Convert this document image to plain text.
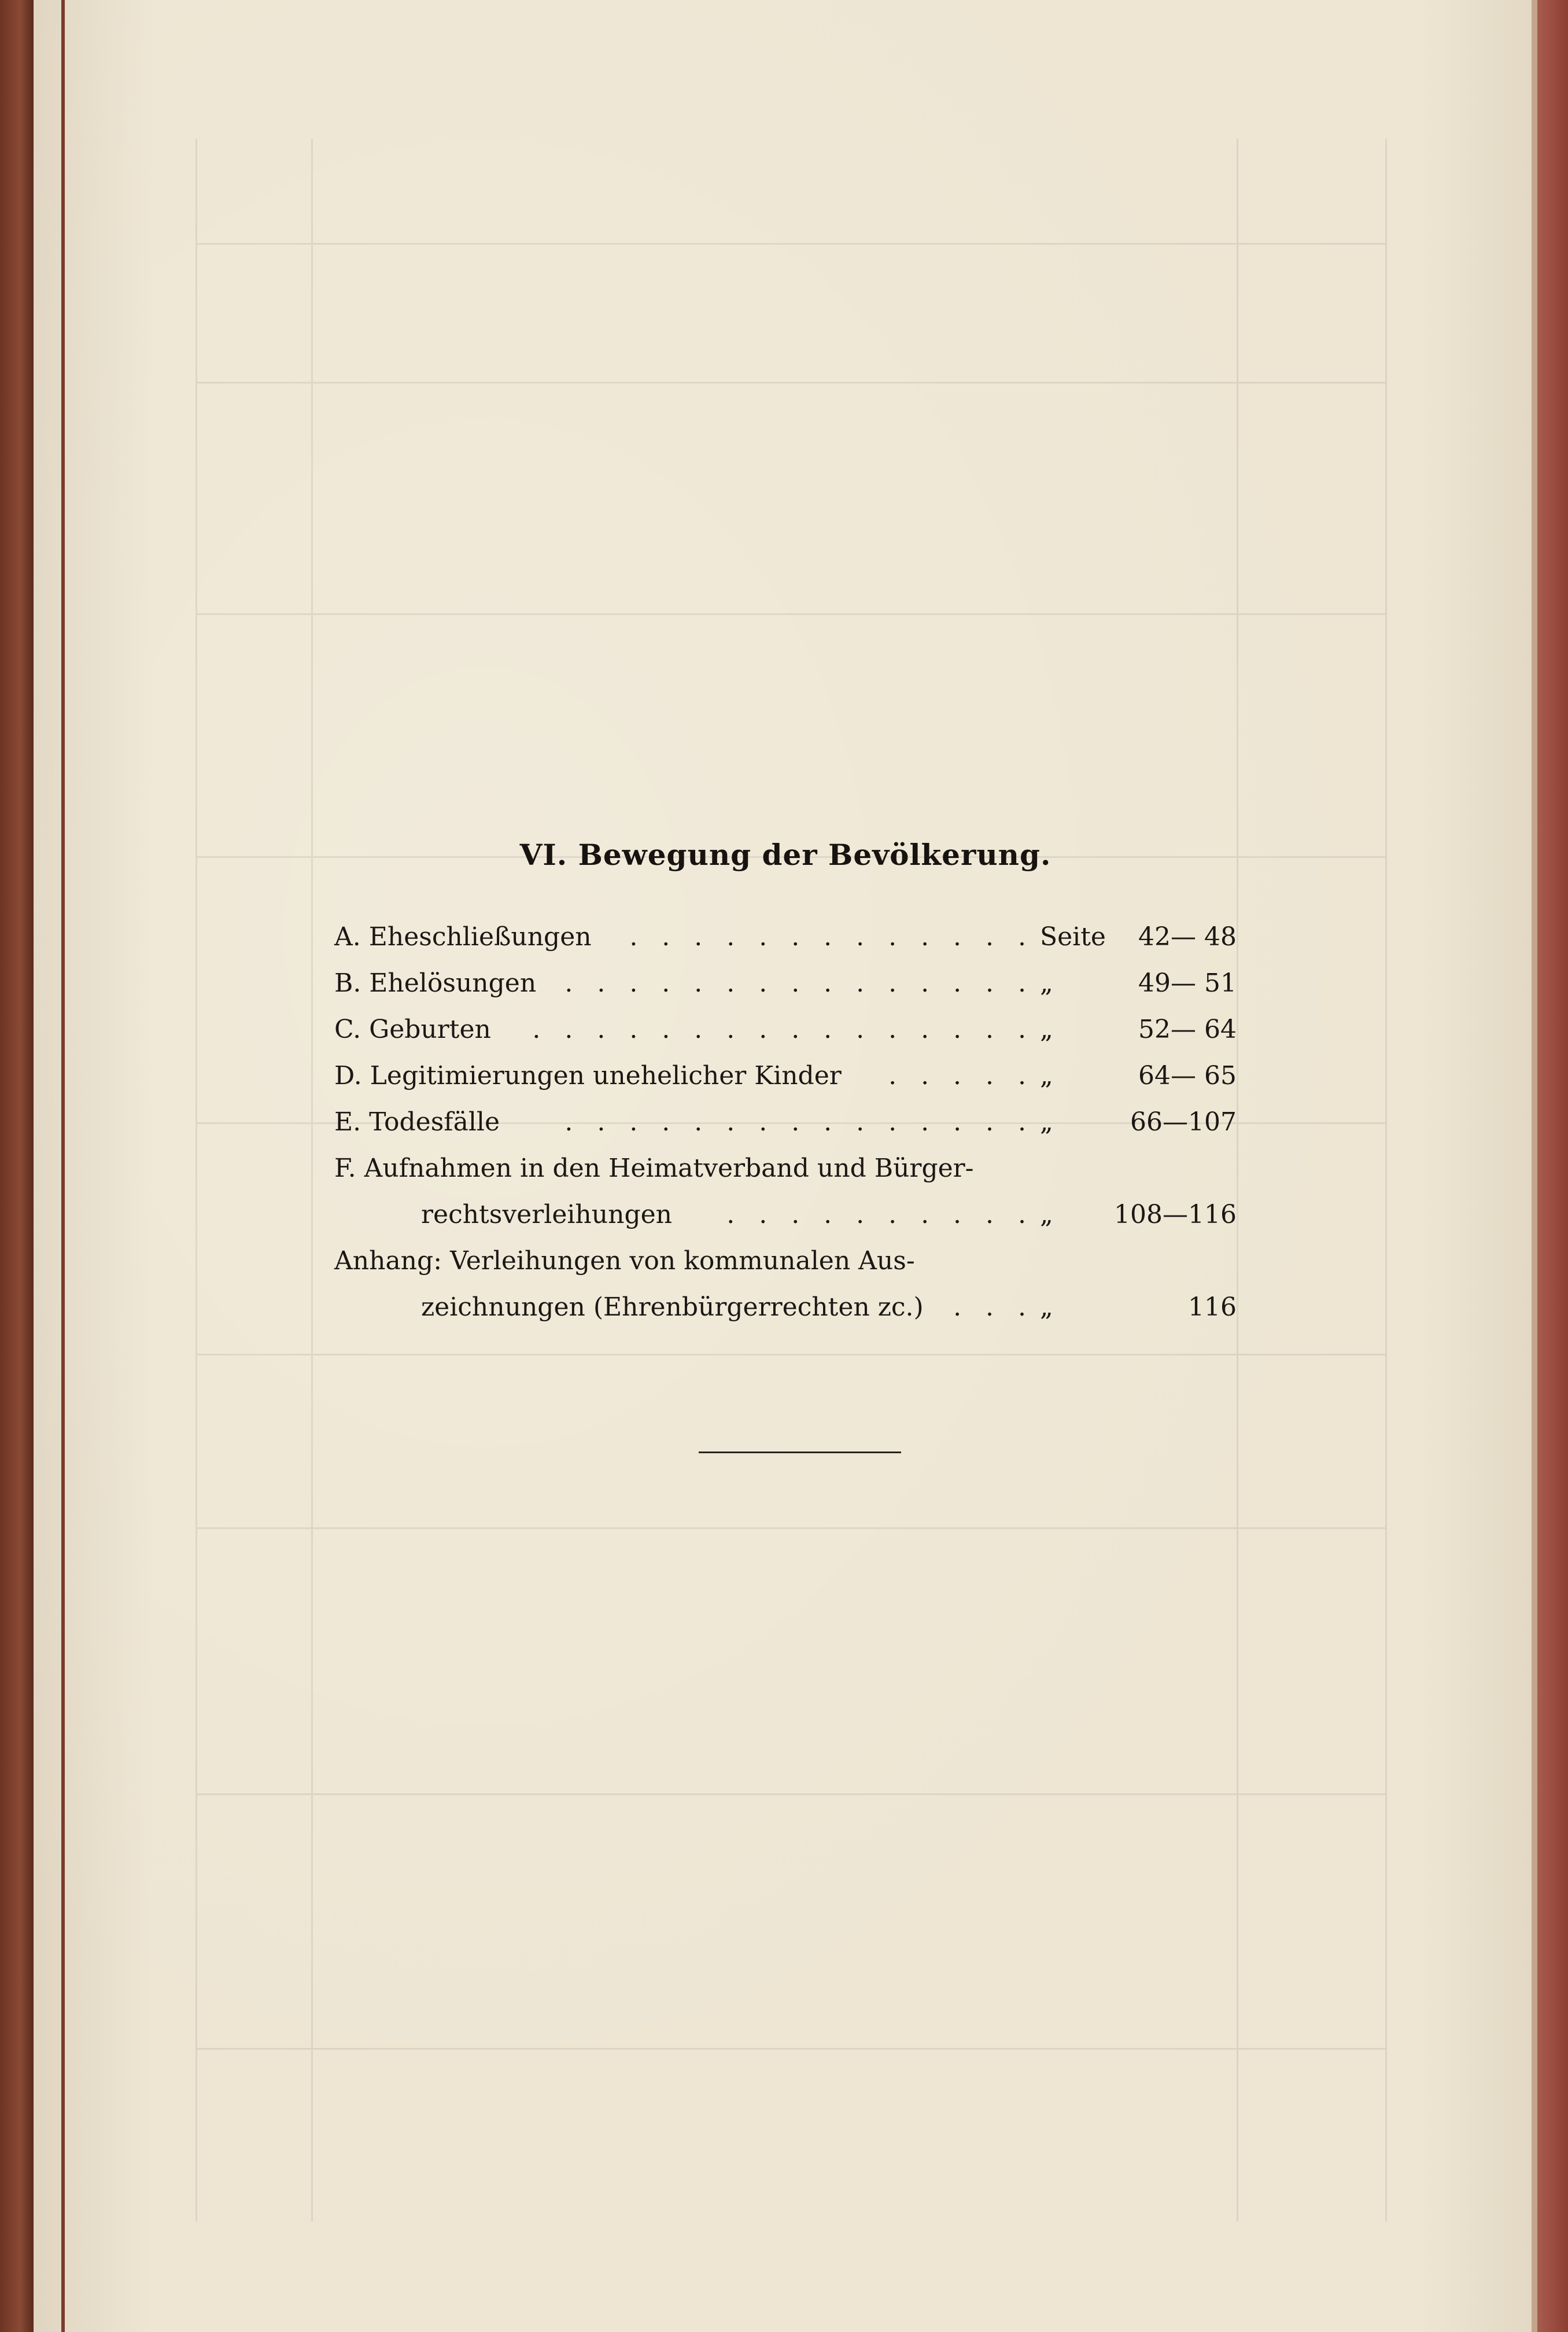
VI. Bewegung der Bevölkerung.
A. Eheschließungen . . . . . . . . . . . . . Seite	42— 48
B. Ehelösungen . . . . . . . . . . . . . . . „	49— 51
C. Geburten . . . . . . . . . . . . . . . . „	52— 64
D. Legitimierungen unehelicher Kinder . . . . . „	64— 65
E. Todesfälle	. . . . . . . . . . . . . . . „	66—107
F. Aufnahmen in den Heimatverband und Bürger-
rechtsverleihungen . . . . . . . . . . „ 108—116
Anhang: Verleihungen von kommunalen Aus-
zeichnungen (Ehrenbürgerrechten zc.) . . . „	116
